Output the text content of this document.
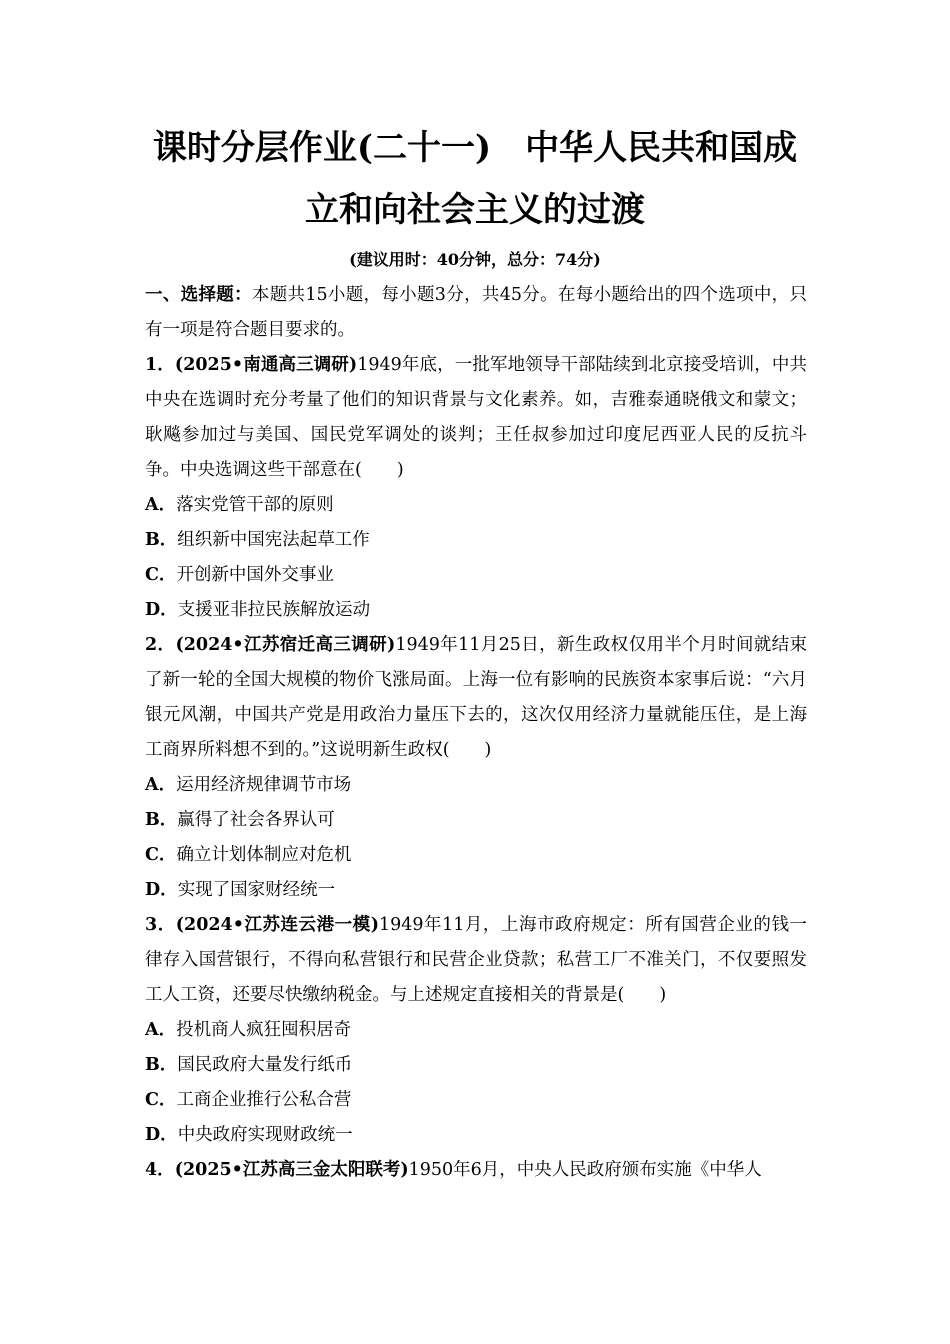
课时分层作业(二十一)　中华人民共和国成
立和向社会主义的过渡
(建议用时：40分钟，总分：74分)

一、选择题：本题共15小题，每小题3分，共45分。在每小题给出的四个选项中，只有一项是符合题目要求的。

1．(2025•南通高三调研)1949年底，一批军地领导干部陆续到北京接受培训，中共中央在选调时充分考量了他们的知识背景与文化素养。如，吉雅泰通晓俄文和蒙文；耿飚参加过与美国、国民党军调处的谈判；王任叔参加过印度尼西亚人民的反抗斗争。中央选调这些干部意在(　　)

A．落实党管干部的原则

B．组织新中国宪法起草工作

C．开创新中国外交事业

D．支援亚非拉民族解放运动

2．(2024•江苏宿迁高三调研)1949年11月25日，新生政权仅用半个月时间就结束了新一轮的全国大规模的物价飞涨局面。上海一位有影响的民族资本家事后说：“六月银元风潮，中国共产党是用政治力量压下去的，这次仅用经济力量就能压住，是上海工商界所料想不到的。”这说明新生政权(　　)

A．运用经济规律调节市场

B．赢得了社会各界认可

C．确立计划体制应对危机

D．实现了国家财经统一

3．(2024•江苏连云港一模)1949年11月，上海市政府规定：所有国营企业的钱一律存入国营银行，不得向私营银行和民营企业贷款；私营工厂不准关门，不仅要照发工人工资，还要尽快缴纳税金。与上述规定直接相关的背景是(　　)

A．投机商人疯狂囤积居奇

B．国民政府大量发行纸币

C．工商企业推行公私合营

D．中央政府实现财政统一

4．(2025•江苏高三金太阳联考)1950年6月，中央人民政府颁布实施《中华人
